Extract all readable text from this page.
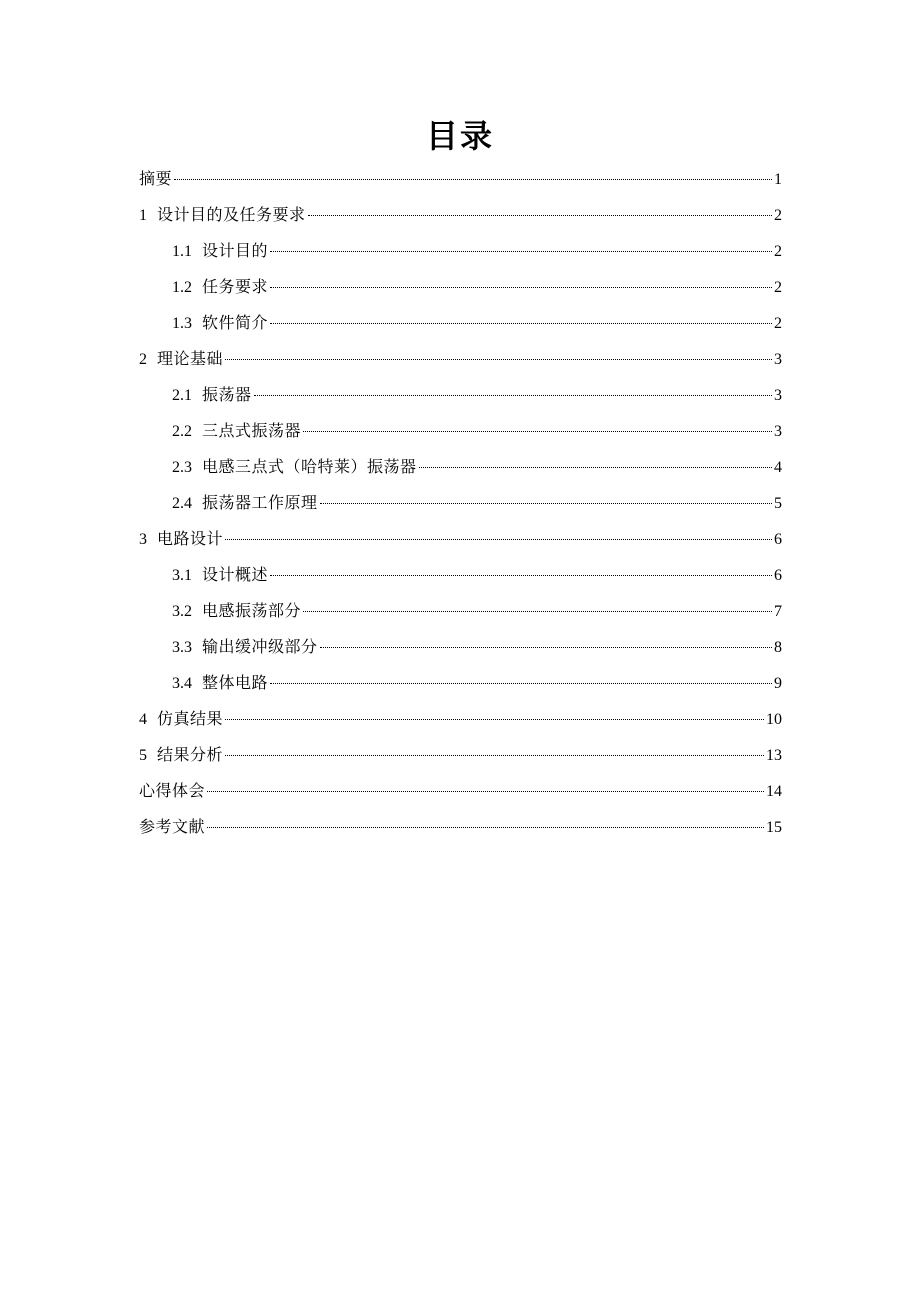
目录
摘要	1
1 设计目的及任务要求	2
1.1 设计目的	2
1.2 任务要求	2
1.3 软件简介	2
2 理论基础	3
2.1 振荡器	3
2.2 三点式振荡器	3
2.3 电感三点式（哈特莱）振荡器	4
2.4 振荡器工作原理	5
3 电路设计	6
3.1 设计概述	6
3.2 电感振荡部分	7
3.3 输出缓冲级部分	8
3.4 整体电路	9
4 仿真结果	10
5 结果分析	13
心得体会	14
参考文献	15
